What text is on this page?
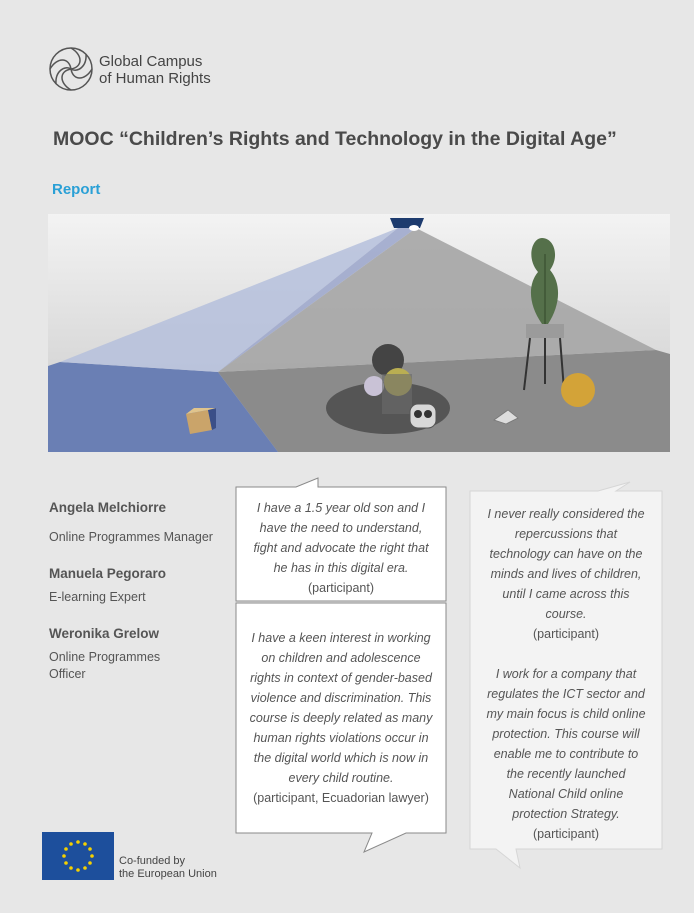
Global Campus
of Human Rights
MOOC “Children’s Rights and Technology in the Digital Age”
Report
Angela Melchiorre
Online Programmes Manager
Manuela Pegoraro
E-learning Expert
Weronika Grelow
Online Programmes
Officer
I have a 1.5 year old son and I
have the need to understand,
fight and advocate the right that
he has in this digital era.
(participant)
I have a keen interest in working
on children and adolescence
rights in context of gender-based
violence and discrimination. This
course is deeply related as many
human rights violations occur in
the digital world which is now in
every child routine.
(participant, Ecuadorian lawyer)
I never really considered the
repercussions that
technology can have on the
minds and lives of children,
until I came across this
course.
(participant)
I work for a company that
regulates the ICT sector and
my main focus is child online
protection. This course will
enable me to contribute to
the recently launched
National Child online
protection Strategy.
(participant)
Co-funded by
the European Union
